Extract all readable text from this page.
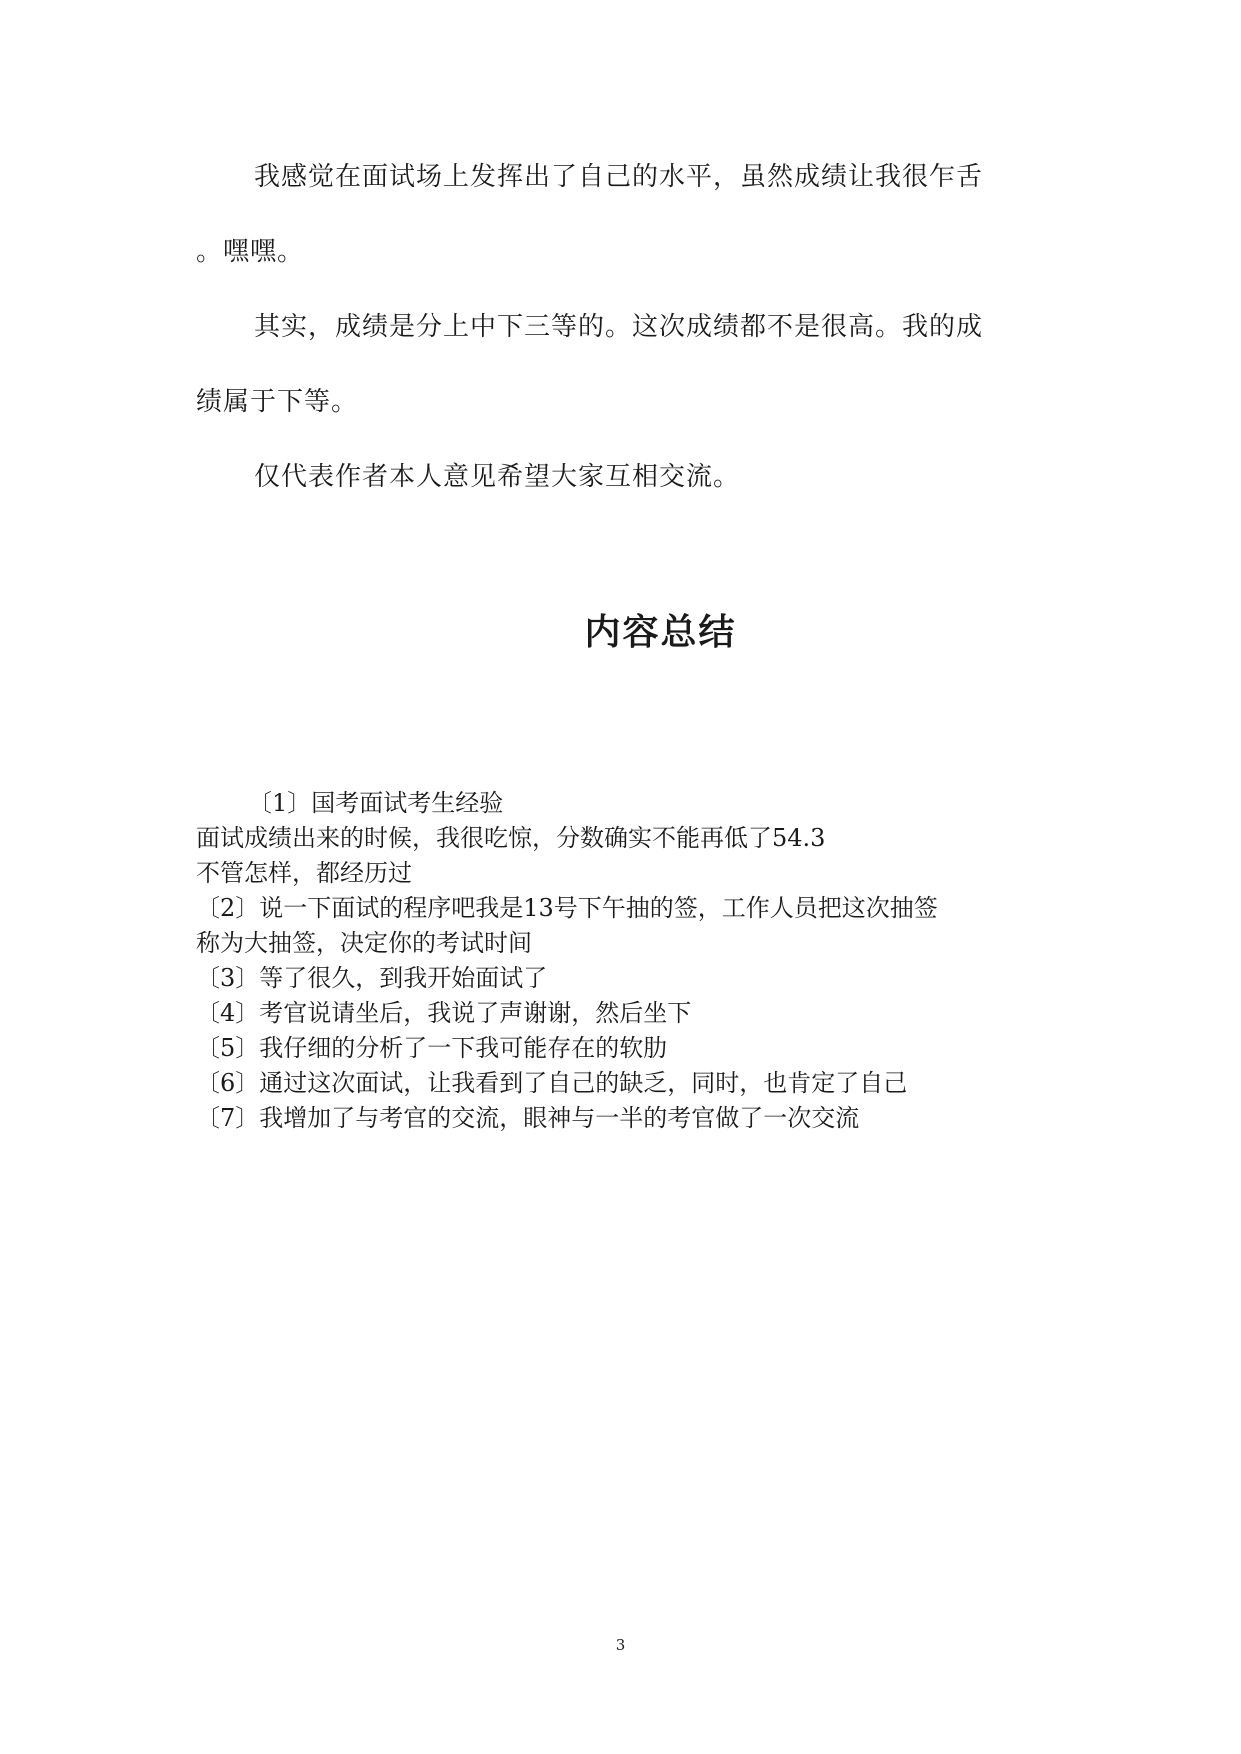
我感觉在面试场上发挥出了自己的水平，虽然成绩让我很乍舌
。嘿嘿。
其实，成绩是分上中下三等的。这次成绩都不是很高。我的成
绩属于下等。
仅代表作者本人意见希望大家互相交流。
内容总结
〔1〕国考面试考生经验
面试成绩出来的时候，我很吃惊，分数确实不能再低了54.3
不管怎样，都经历过
〔2〕说一下面试的程序吧我是13号下午抽的签，工作人员把这次抽签
称为大抽签，决定你的考试时间
〔3〕等了很久，到我开始面试了
〔4〕考官说请坐后，我说了声谢谢，然后坐下
〔5〕我仔细的分析了一下我可能存在的软肋
〔6〕通过这次面试，让我看到了自己的缺乏，同时，也肯定了自己
〔7〕我增加了与考官的交流，眼神与一半的考官做了一次交流
3
